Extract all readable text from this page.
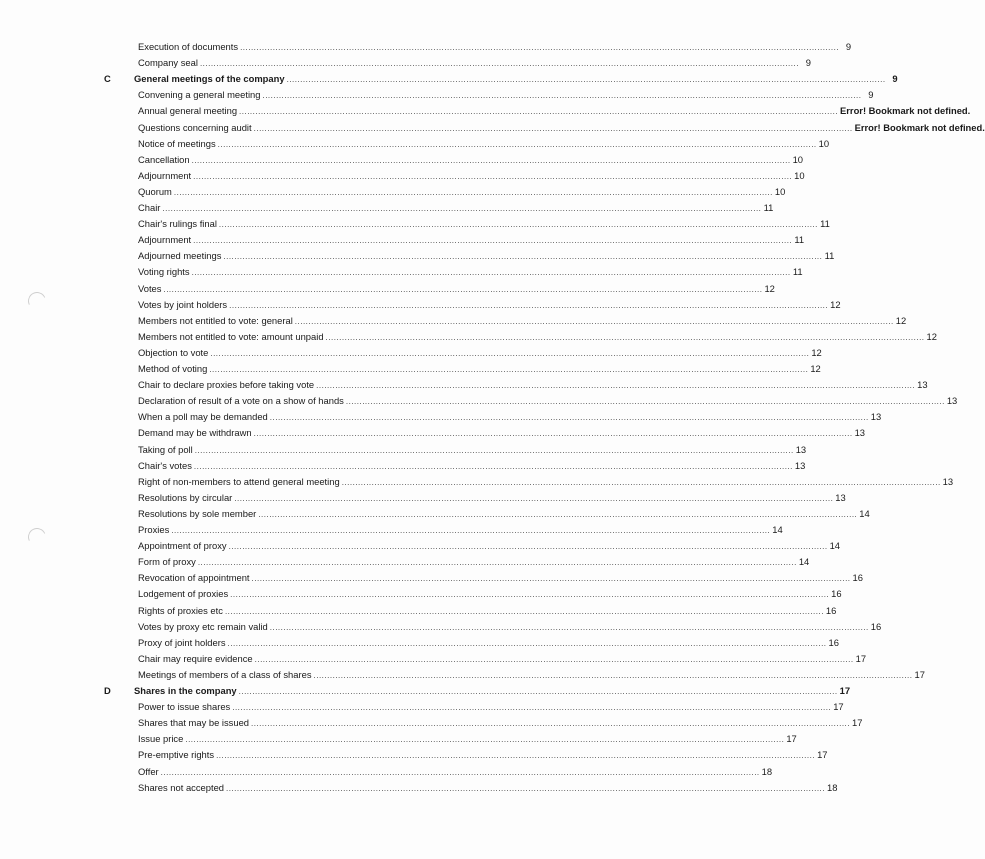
Execution of documents ............................................................................................................................................................................................................................ 9
Company seal ............................................................................................................................................................................................................................ 9
C	General meetings of the company ............................................................................................................................................................................................................................ 9
Convening a general meeting ............................................................................................................................................................................................................................ 9
Annual general meeting ............................................................................................................................................................................................................................ Error! Bookmark not defined.
Questions concerning audit ............................................................................................................................................................................................................................ Error! Bookmark not defined.
Notice of meetings ............................................................................................................................................................................................................................ 10
Cancellation ............................................................................................................................................................................................................................ 10
Adjournment ............................................................................................................................................................................................................................ 10
Quorum ............................................................................................................................................................................................................................ 10
Chair ............................................................................................................................................................................................................................ 11
Chair's rulings final ............................................................................................................................................................................................................................ 11
Adjournment ............................................................................................................................................................................................................................ 11
Adjourned meetings ............................................................................................................................................................................................................................ 11
Voting rights ............................................................................................................................................................................................................................ 11
Votes ............................................................................................................................................................................................................................ 12
Votes by joint holders ............................................................................................................................................................................................................................ 12
Members not entitled to vote: general ............................................................................................................................................................................................................................ 12
Members not entitled to vote: amount unpaid ............................................................................................................................................................................................................................ 12
Objection to vote ............................................................................................................................................................................................................................ 12
Method of voting ............................................................................................................................................................................................................................ 12
Chair to declare proxies before taking vote ............................................................................................................................................................................................................................ 13
Declaration of result of a vote on a show of hands ............................................................................................................................................................................................................................ 13
When a poll may be demanded ............................................................................................................................................................................................................................ 13
Demand may be withdrawn ............................................................................................................................................................................................................................ 13
Taking of poll ............................................................................................................................................................................................................................ 13
Chair's votes ............................................................................................................................................................................................................................ 13
Right of non-members to attend general meeting ............................................................................................................................................................................................................................ 13
Resolutions by circular ............................................................................................................................................................................................................................ 13
Resolutions by sole member ............................................................................................................................................................................................................................ 14
Proxies ............................................................................................................................................................................................................................ 14
Appointment of proxy ............................................................................................................................................................................................................................ 14
Form of proxy ............................................................................................................................................................................................................................ 14
Revocation of appointment ............................................................................................................................................................................................................................ 16
Lodgement of proxies ............................................................................................................................................................................................................................ 16
Rights of proxies etc ............................................................................................................................................................................................................................ 16
Votes by proxy etc remain valid ............................................................................................................................................................................................................................ 16
Proxy of joint holders ............................................................................................................................................................................................................................ 16
Chair may require evidence ............................................................................................................................................................................................................................ 17
Meetings of members of a class of shares ............................................................................................................................................................................................................................ 17
D	Shares in the company ............................................................................................................................................................................................................................ 17
Power to issue shares ............................................................................................................................................................................................................................ 17
Shares that may be issued ............................................................................................................................................................................................................................ 17
Issue price ............................................................................................................................................................................................................................ 17
Pre-emptive rights ............................................................................................................................................................................................................................ 17
Offer ............................................................................................................................................................................................................................ 18
Shares not accepted ............................................................................................................................................................................................................................ 18
